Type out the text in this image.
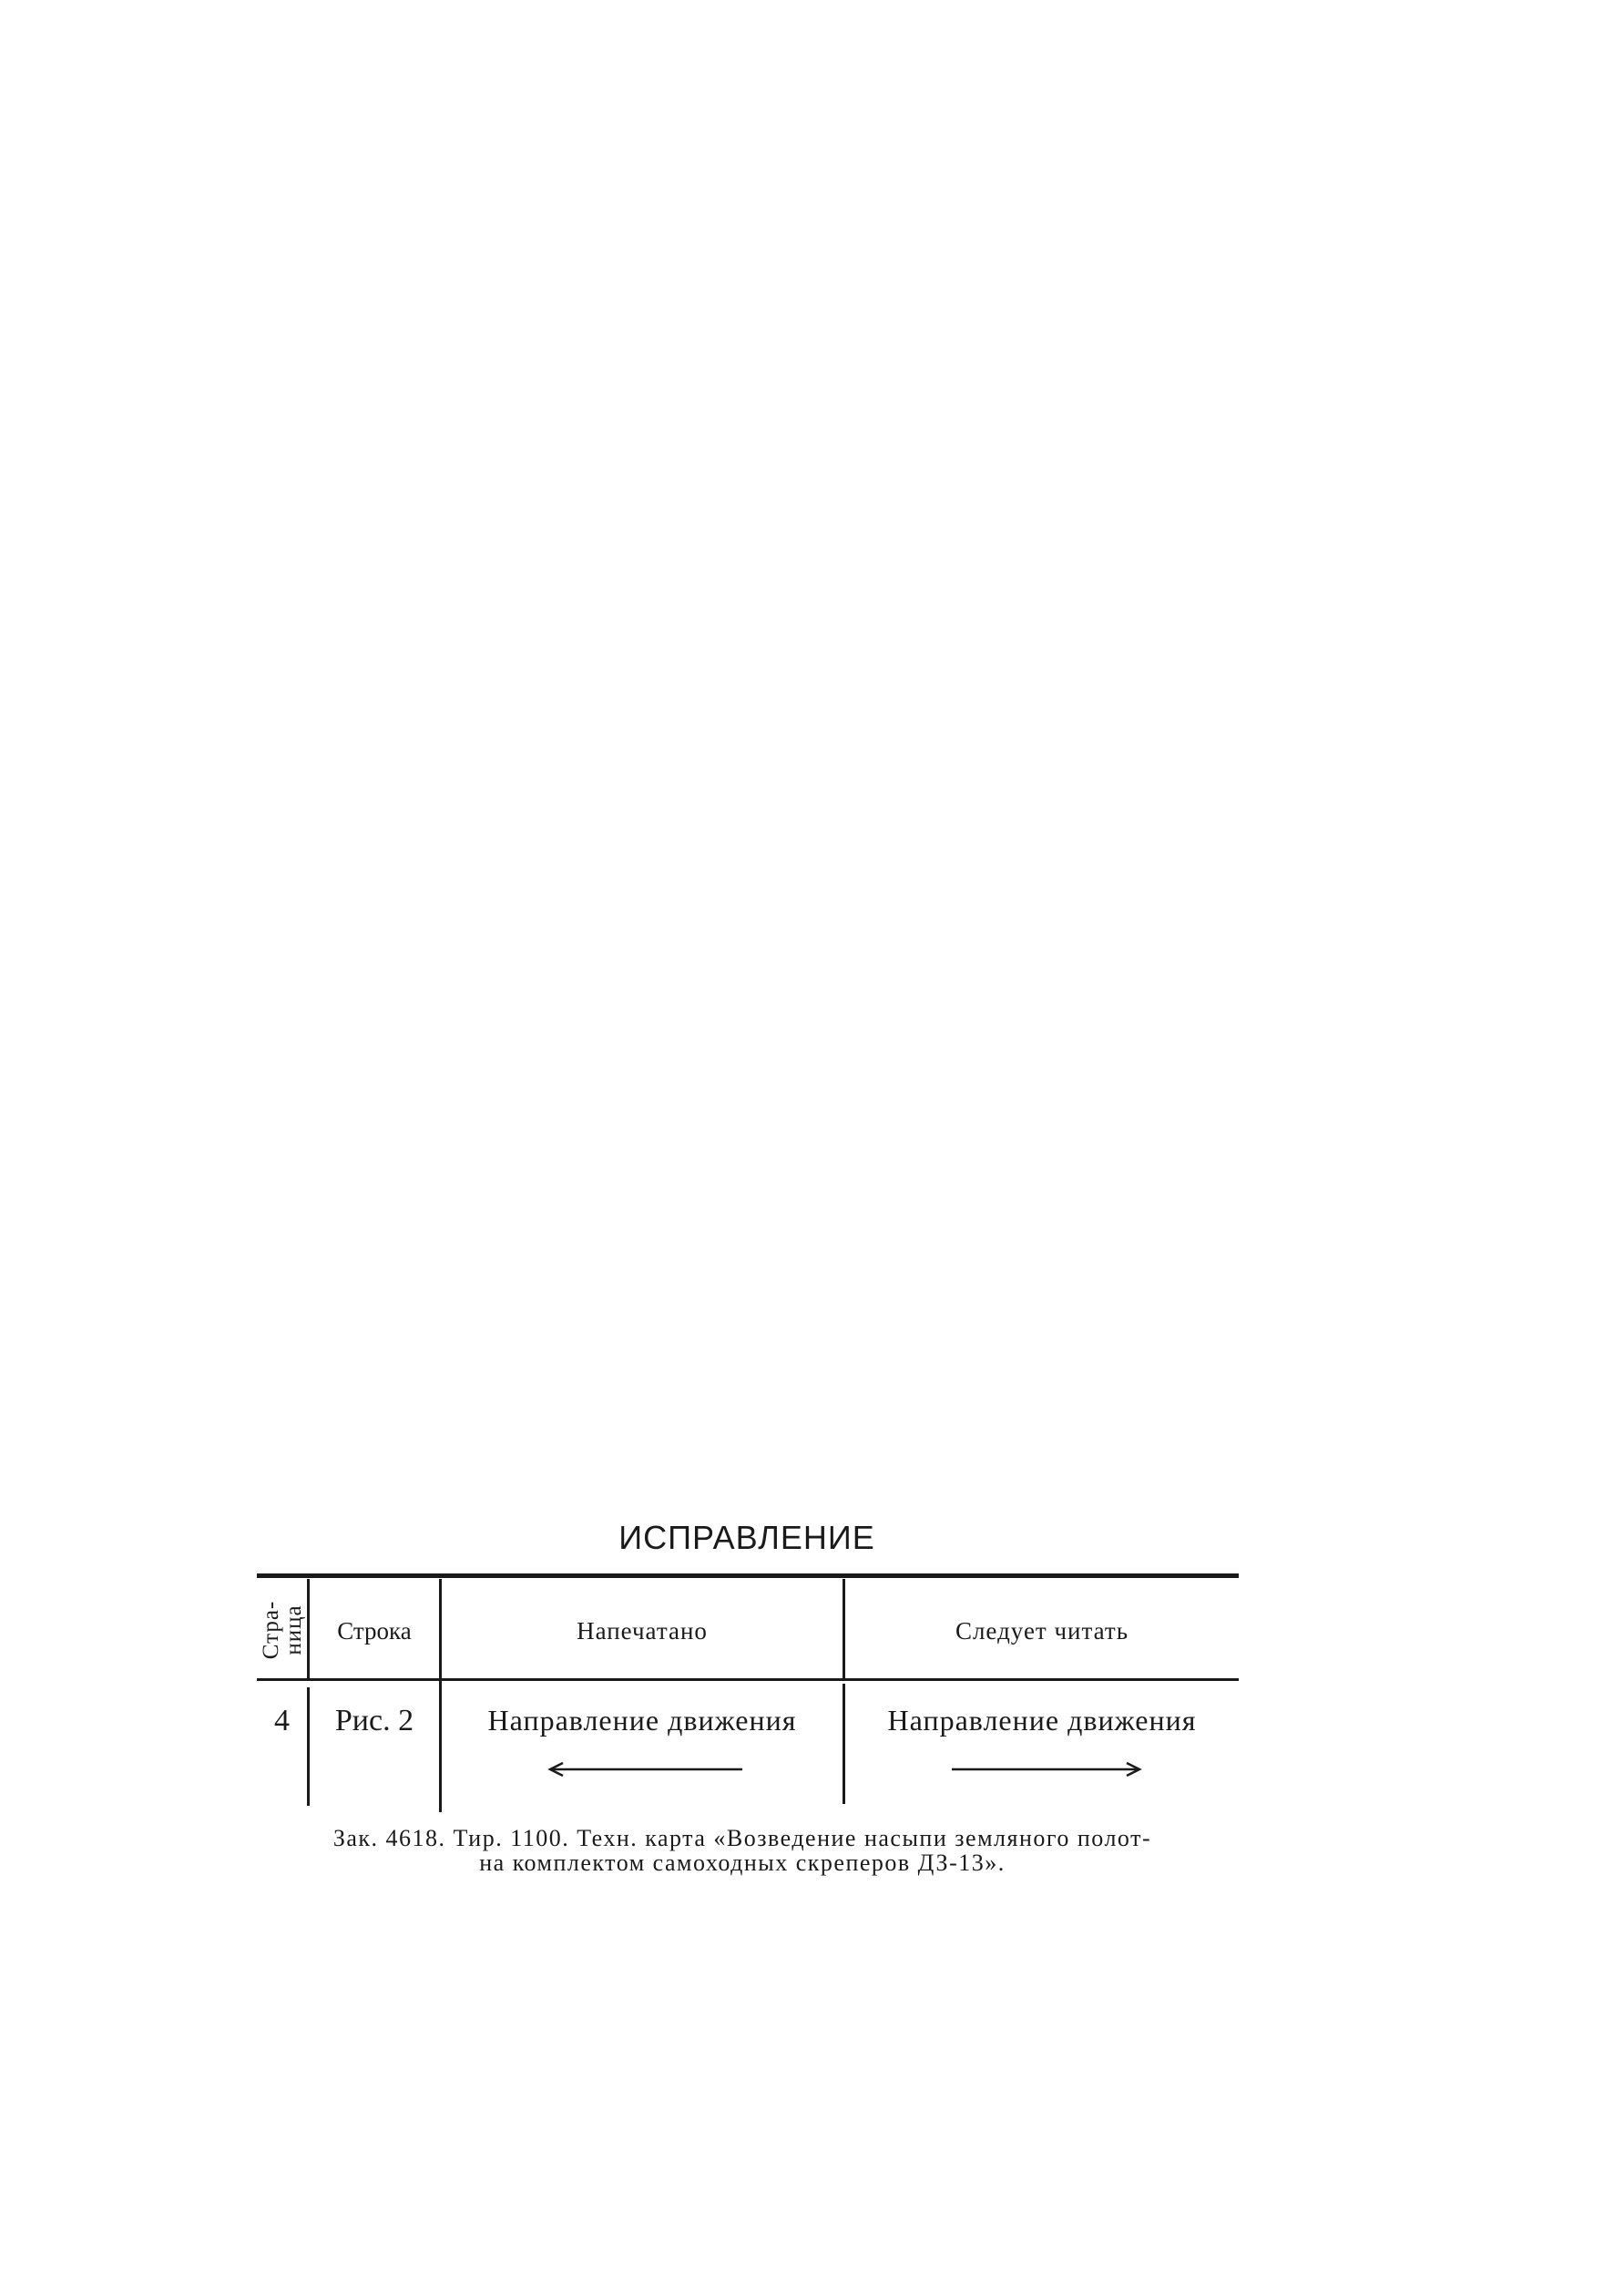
ИСПРАВЛЕНИЕ
Стра-
ница	Строка	Напечатано	Следует читать
4	Рис. 2	Направление движения	Направление движения
Зак. 4618. Тир. 1100. Техн. карта «Возведение насыпи земляного полот-
на комплектом самоходных скреперов ДЗ-13».
